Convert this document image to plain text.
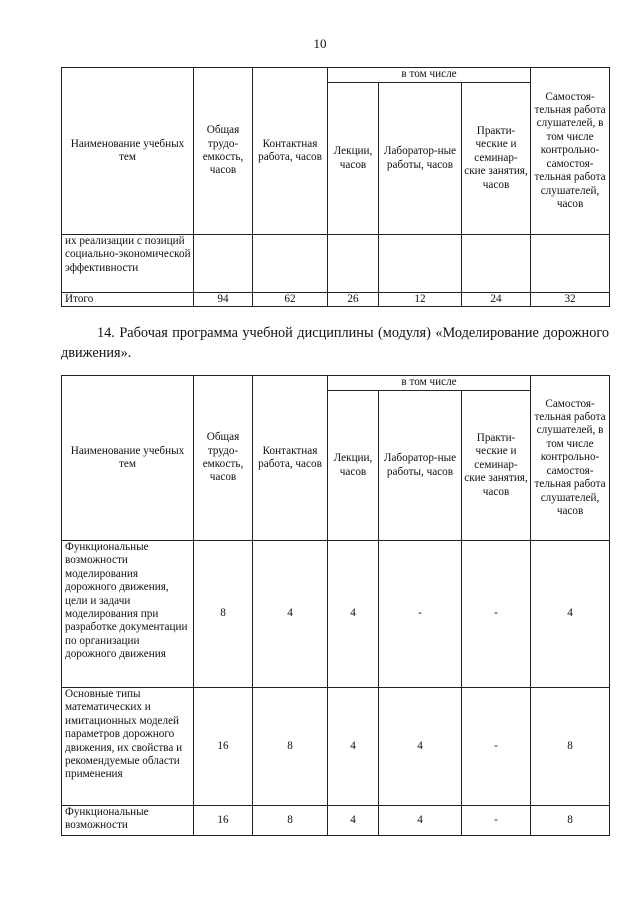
10
Наименование учебных тем	Общая трудо-емкость, часов	Контактная работа, часов	в том числе			Самостоя-тельная работа слушателей, в том числе контрольно-самостоя-тельная работа слушателей, часов
			Лекции, часов	Лаборатор-ные работы, часов	Практи-ческие и семинар-ские занятия, часов	
их реализации с позиций социально-экономической эффективности						
Итого	94	62	26	12	24	32
14. Рабочая программа учебной дисциплины (модуля) «Моделирование дорожного движения».
Наименование учебных тем	Общая трудо-емкость, часов	Контактная работа, часов	в том числе			Самостоя-тельная работа слушателей, в том числе контрольно-самостоя-тельная работа слушателей, часов
			Лекции, часов	Лаборатор-ные работы, часов	Практи-ческие и семинар-ские занятия, часов	
Функциональные возможности моделирования дорожного движения, цели и задачи моделирования при разработке документации по организации дорожного движения	8	4	4	-	-	4
Основные типы математических и имитационных моделей параметров дорожного движения, их свойства и рекомендуемые области применения	16	8	4	4	-	8
Функциональные возможности	16	8	4	4	-	8
